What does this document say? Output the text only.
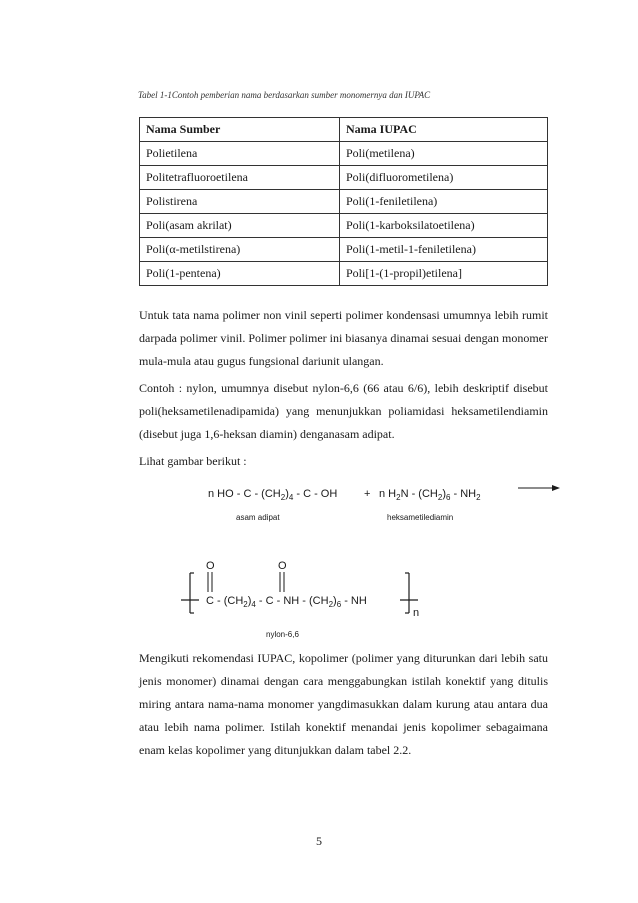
Tabel 1-1Contoh pemberian nama berdasarkan sumber monomernya dan IUPAC
Nama Sumber	Nama IUPAC
Polietilena	Poli(metilena)
Politetrafluoroetilena	Poli(difluorometilena)
Polistirena	Poli(1-feniletilena)
Poli(asam akrilat)	Poli(1-karboksilatoetilena)
Poli(α-metilstirena)	Poli(1-metil-1-feniletilena)
Poli(1-pentena)	Poli[1-(1-propil)etilena]
Untuk tata nama polimer non vinil seperti polimer kondensasi umumnya lebih rumit darpada polimer vinil. Polimer polimer ini biasanya dinamai sesuai dengan monomer mula-mula atau gugus fungsional dariunit ulangan.
Contoh : nylon, umumnya disebut nylon-6,6 (66 atau 6/6), lebih deskriptif disebut poli(heksametilenadipamida) yang menunjukkan poliamidasi heksametilendiamin (disebut juga 1,6-heksan diamin) denganasam adipat.
Lihat gambar berikut :
n HO - C - $(CH_2)_4$ - C - OH + n $H_2N - (CH_2)_6 - NH_2$
asam adipat	heksametilediamin
O	O
C - $(CH_2)_4$ - C - NH - $(CH_2)_6$ - NH
n
nylon-6,6
Mengikuti rekomendasi IUPAC, kopolimer (polimer yang diturunkan dari lebih satu jenis monomer) dinamai dengan cara menggabungkan istilah konektif yang ditulis miring antara nama-nama monomer yangdimasukkan dalam kurung atau antara dua atau lebih nama polimer. Istilah konektif menandai jenis kopolimer sebagaimana enam kelas kopolimer yang ditunjukkan dalam tabel 2.2.
5
